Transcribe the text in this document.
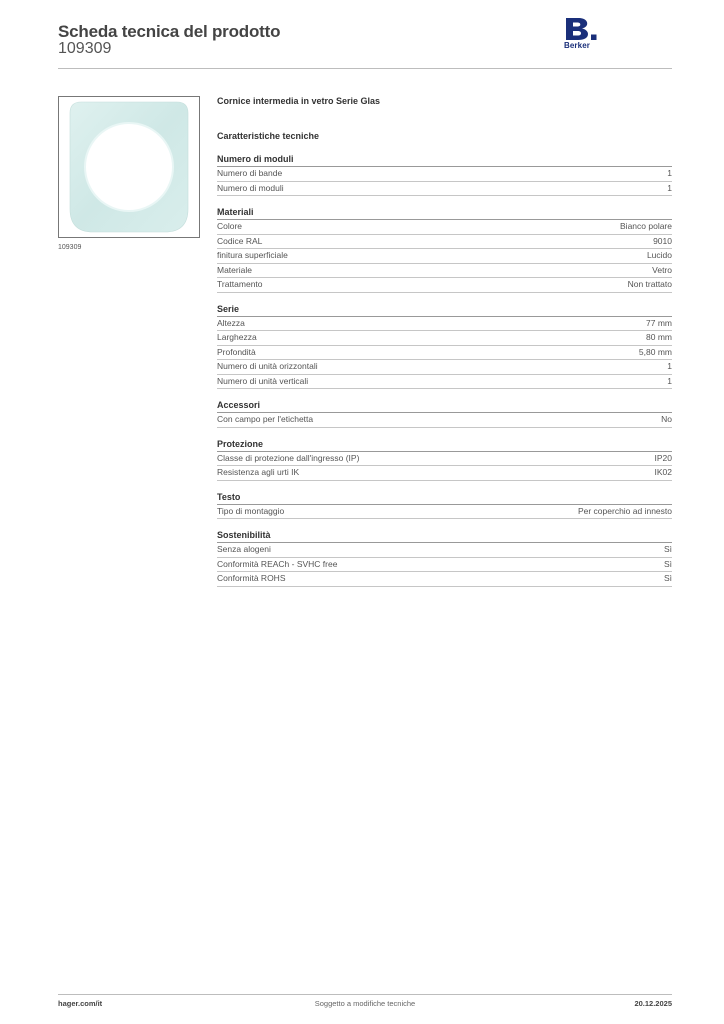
Scheda tecnica del prodotto
109309	Berker
109309
Cornice intermedia in vetro Serie Glas
Caratteristiche tecniche
Numero di moduli
Numero di bande	1
Numero di moduli	1
Materiali
Colore	Bianco polare
Codice RAL	9010
finitura superficiale	Lucido
Materiale	Vetro
Trattamento	Non trattato
Serie
Altezza	77 mm
Larghezza	80 mm
Profondità	5,80 mm
Numero di unità orizzontali	1
Numero di unità verticali	1
Accessori
Con campo per l'etichetta	No
Protezione
Classe di protezione dall'ingresso (IP)	IP20
Resistenza agli urti IK	IK02
Testo
Tipo di montaggio	Per coperchio ad innesto
Sostenibilità
Senza alogeni	Sì
Conformità REACh - SVHC free	Sì
Conformità ROHS	Sì
hager.com/it	Soggetto a modifiche tecniche	20.12.2025
